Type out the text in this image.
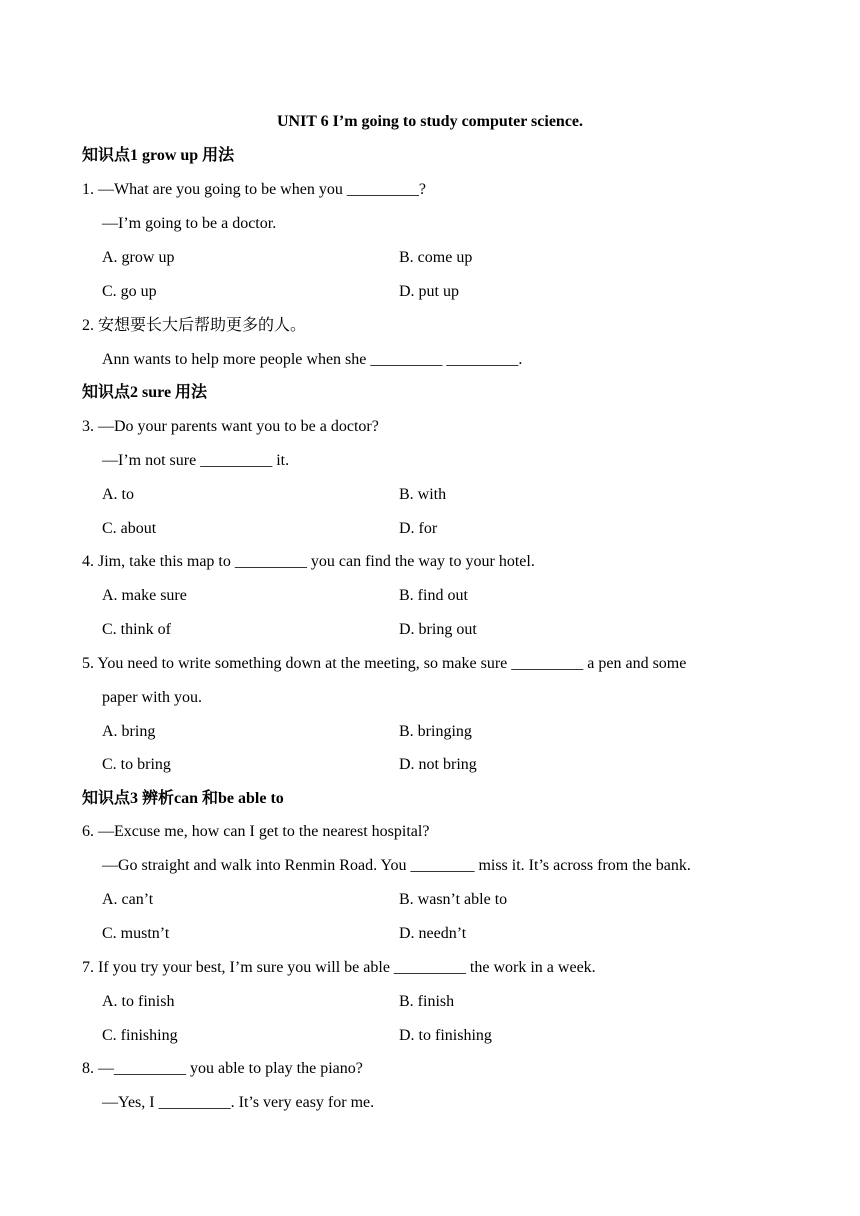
UNIT 6 I’m going to study computer science.
知识点1 grow up 用法
1. —What are you going to be when you _________?
—I’m going to be a doctor.
A. grow up	B. come up
C. go up	D. put up
2. 安想要长大后帮助更多的人。
Ann wants to help more people when she _________ _________.
知识点2 sure 用法
3. —Do your parents want you to be a doctor?
—I’m not sure _________ it.
A. to	B. with
C. about	D. for
4. Jim, take this map to _________ you can find the way to your hotel.
A. make sure	B. find out
C. think of	D. bring out
5. You need to write something down at the meeting, so make sure _________ a pen and some
paper with you.
A. bring	B. bringing
C. to bring	D. not bring
知识点3 辨析can 和be able to
6. —Excuse me, how can I get to the nearest hospital?
—Go straight and walk into Renmin Road. You ________ miss it. It’s across from the bank.
A. can’t	B. wasn’t able to
C. mustn’t	D. needn’t
7. If you try your best, I’m sure you will be able _________ the work in a week.
A. to finish	B. finish
C. finishing	D. to finishing
8. —_________ you able to play the piano?
—Yes, I _________. It’s very easy for me.
